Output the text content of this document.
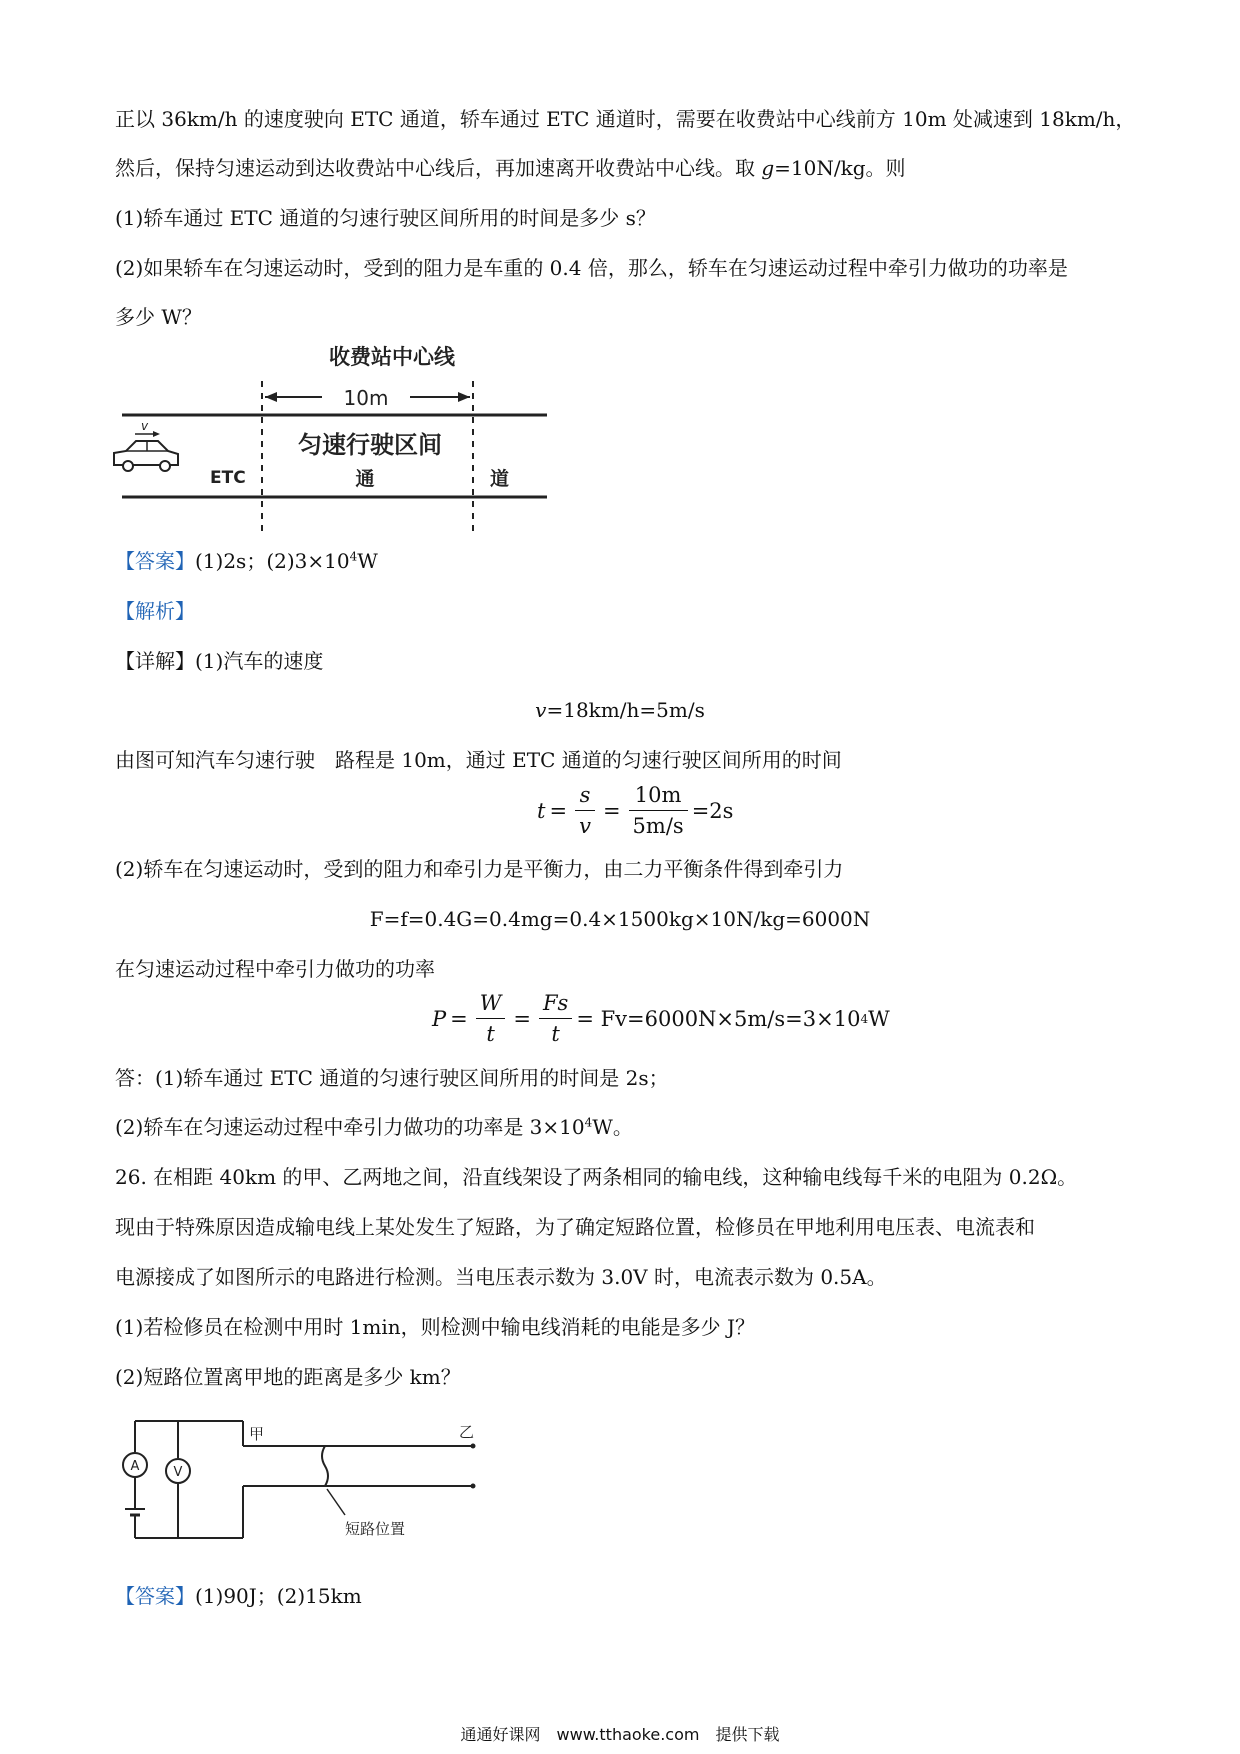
正以 36km/h 的速度驶向 ETC 通道，轿车通过 ETC 通道时，需要在收费站中心线前方 10m 处减速到 18km/h，
然后，保持匀速运动到达收费站中心线后，再加速离开收费站中心线。取 g=10N/kg。则
(1)轿车通过 ETC 通道的匀速行驶区间所用的时间是多少 s？
(2)如果轿车在匀速运动时，受到的阻力是车重的 0.4 倍，那么，轿车在匀速运动过程中牵引力做功的功率是
多少 W？
收费站中心线
10m
匀速行驶区间
ETC	通	道
v
【答案】(1)2s；$(2)3\times 10^4W$
【解析】
【详解】(1)汽车的速度
v=18km/h=5m/s
由图可知汽车匀速行驶　路程是 10m，通过 ETC 通道的匀速行驶区间所用的时间
$t = \frac{s}{v} = \frac{10m}{5m/s} =2s$
(2)轿车在匀速运动时，受到的阻力和牵引力是平衡力，由二力平衡条件得到牵引力
F=f=0.4G=0.4mg=0.4×1500kg×10N/kg=6000N
在匀速运动过程中牵引力做功的功率
$P = \frac{W}{t} = \frac{Fs}{t} = Fv=6000N\times 5m/s=3\times 10$ 4 W
答：(1)轿车通过 ETC 通道的匀速行驶区间所用的时间是 2s；
(2)轿车在匀速运动过程中牵引力做功的功率是 $3\times 10^4W$。
26. 在相距 40km 的甲、乙两地之间，沿直线架设了两条相同的输电线，这种输电线每千米的电阻为 0.2Ω。
现由于特殊原因造成输电线上某处发生了短路，为了确定短路位置，检修员在甲地利用电压表、电流表和
电源接成了如图所示的电路进行检测。当电压表示数为 3.0V 时，电流表示数为 0.5A。
(1)若检修员在检测中用时 1min，则检测中输电线消耗的电能是多少 J？
(2)短路位置离甲地的距离是多少 km？
A	V
甲	乙
短路位置
【答案】(1)90J；(2)15km
通通好课网　www.tthaoke.com　提供下载
